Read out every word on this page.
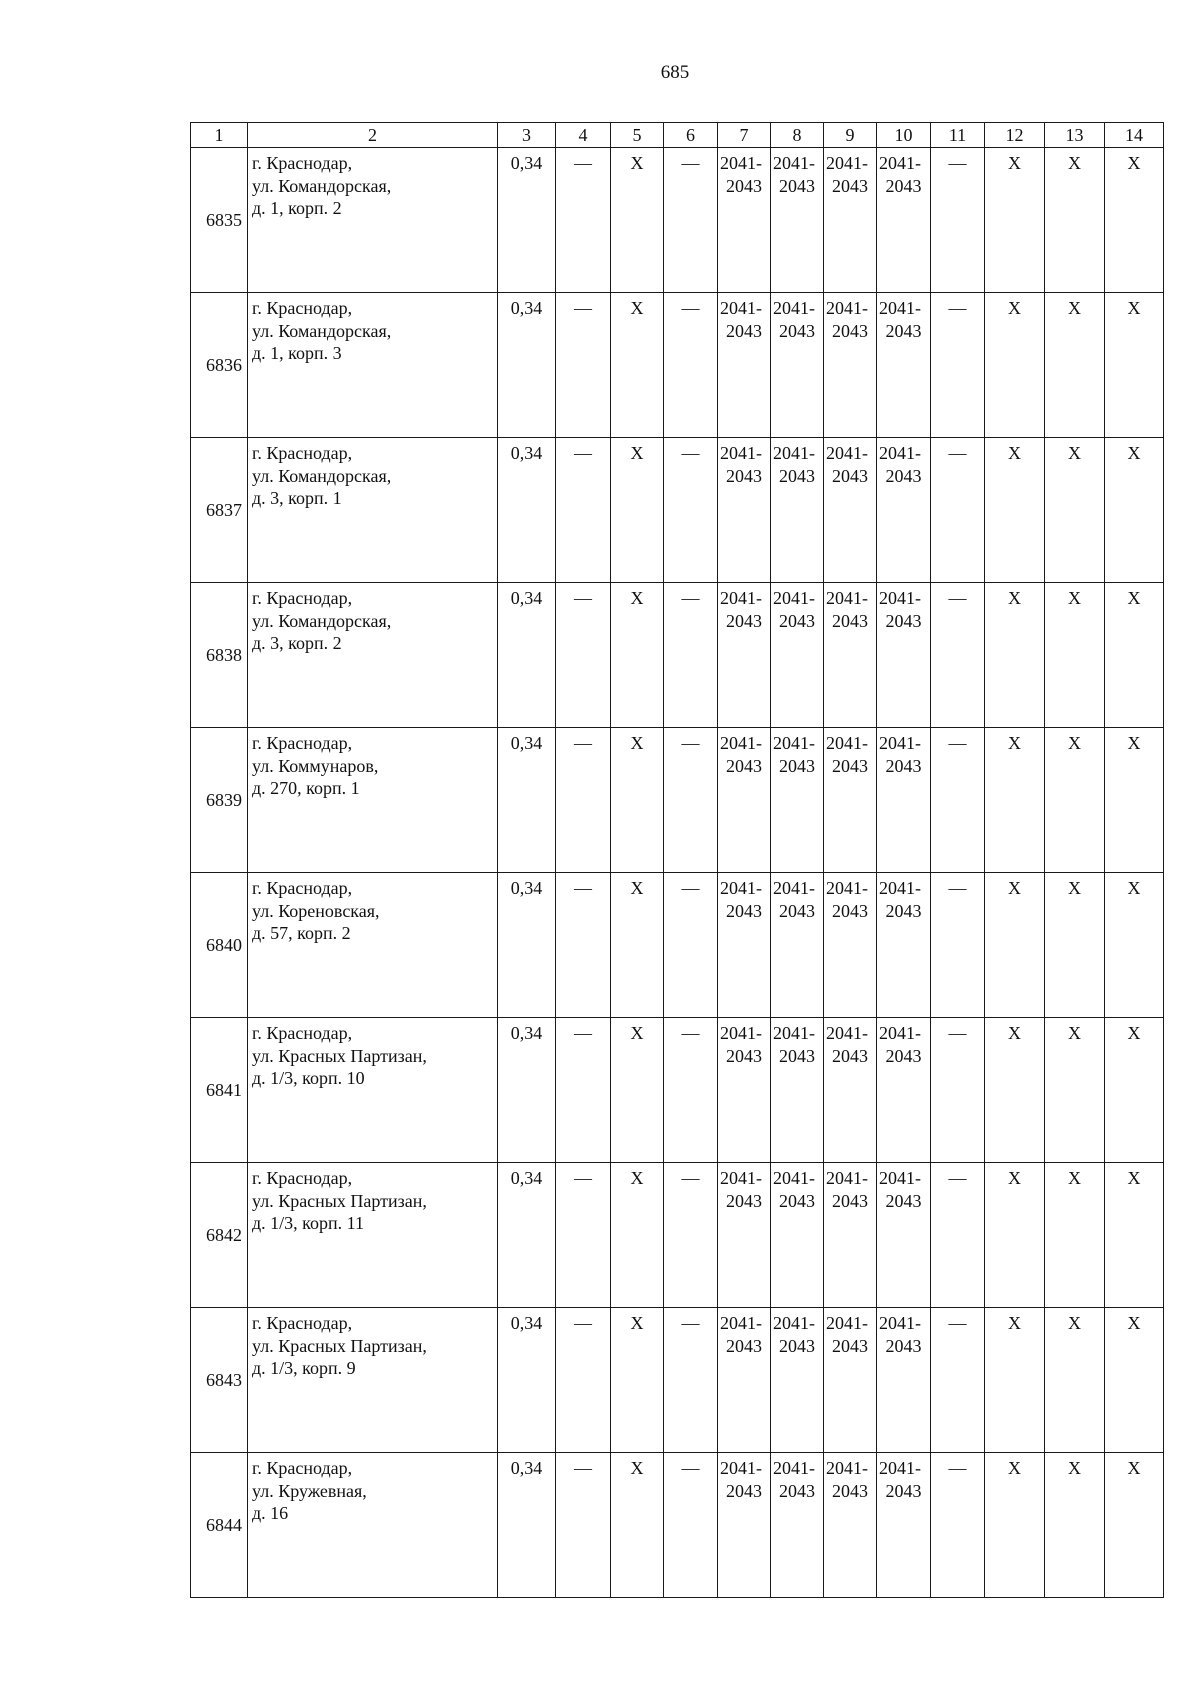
685
1	2	3	4	5	6	7	8	9	10	11	12	13	14
6835	г. Краснодар,
ул. Командорская,
д. 1, корп. 2	0,34	—	Х	—	2041-
2043	2041-
2043	2041-
2043	2041-
2043	—	Х	Х	Х
6836	г. Краснодар,
ул. Командорская,
д. 1, корп. 3	0,34	—	Х	—	2041-
2043	2041-
2043	2041-
2043	2041-
2043	—	Х	Х	Х
6837	г. Краснодар,
ул. Командорская,
д. 3, корп. 1	0,34	—	Х	—	2041-
2043	2041-
2043	2041-
2043	2041-
2043	—	Х	Х	Х
6838	г. Краснодар,
ул. Командорская,
д. 3, корп. 2	0,34	—	Х	—	2041-
2043	2041-
2043	2041-
2043	2041-
2043	—	Х	Х	Х
6839	г. Краснодар,
ул. Коммунаров,
д. 270, корп. 1	0,34	—	Х	—	2041-
2043	2041-
2043	2041-
2043	2041-
2043	—	Х	Х	Х
6840	г. Краснодар,
ул. Кореновская,
д. 57, корп. 2	0,34	—	Х	—	2041-
2043	2041-
2043	2041-
2043	2041-
2043	—	Х	Х	Х
6841	г. Краснодар,
ул. Красных Партизан,
д. 1/3, корп. 10	0,34	—	Х	—	2041-
2043	2041-
2043	2041-
2043	2041-
2043	—	Х	Х	Х
6842	г. Краснодар,
ул. Красных Партизан,
д. 1/3, корп. 11	0,34	—	Х	—	2041-
2043	2041-
2043	2041-
2043	2041-
2043	—	Х	Х	Х
6843	г. Краснодар,
ул. Красных Партизан,
д. 1/3, корп. 9	0,34	—	Х	—	2041-
2043	2041-
2043	2041-
2043	2041-
2043	—	Х	Х	Х
6844	г. Краснодар,
ул. Кружевная,
д. 16	0,34	—	Х	—	2041-
2043	2041-
2043	2041-
2043	2041-
2043	—	Х	Х	Х
